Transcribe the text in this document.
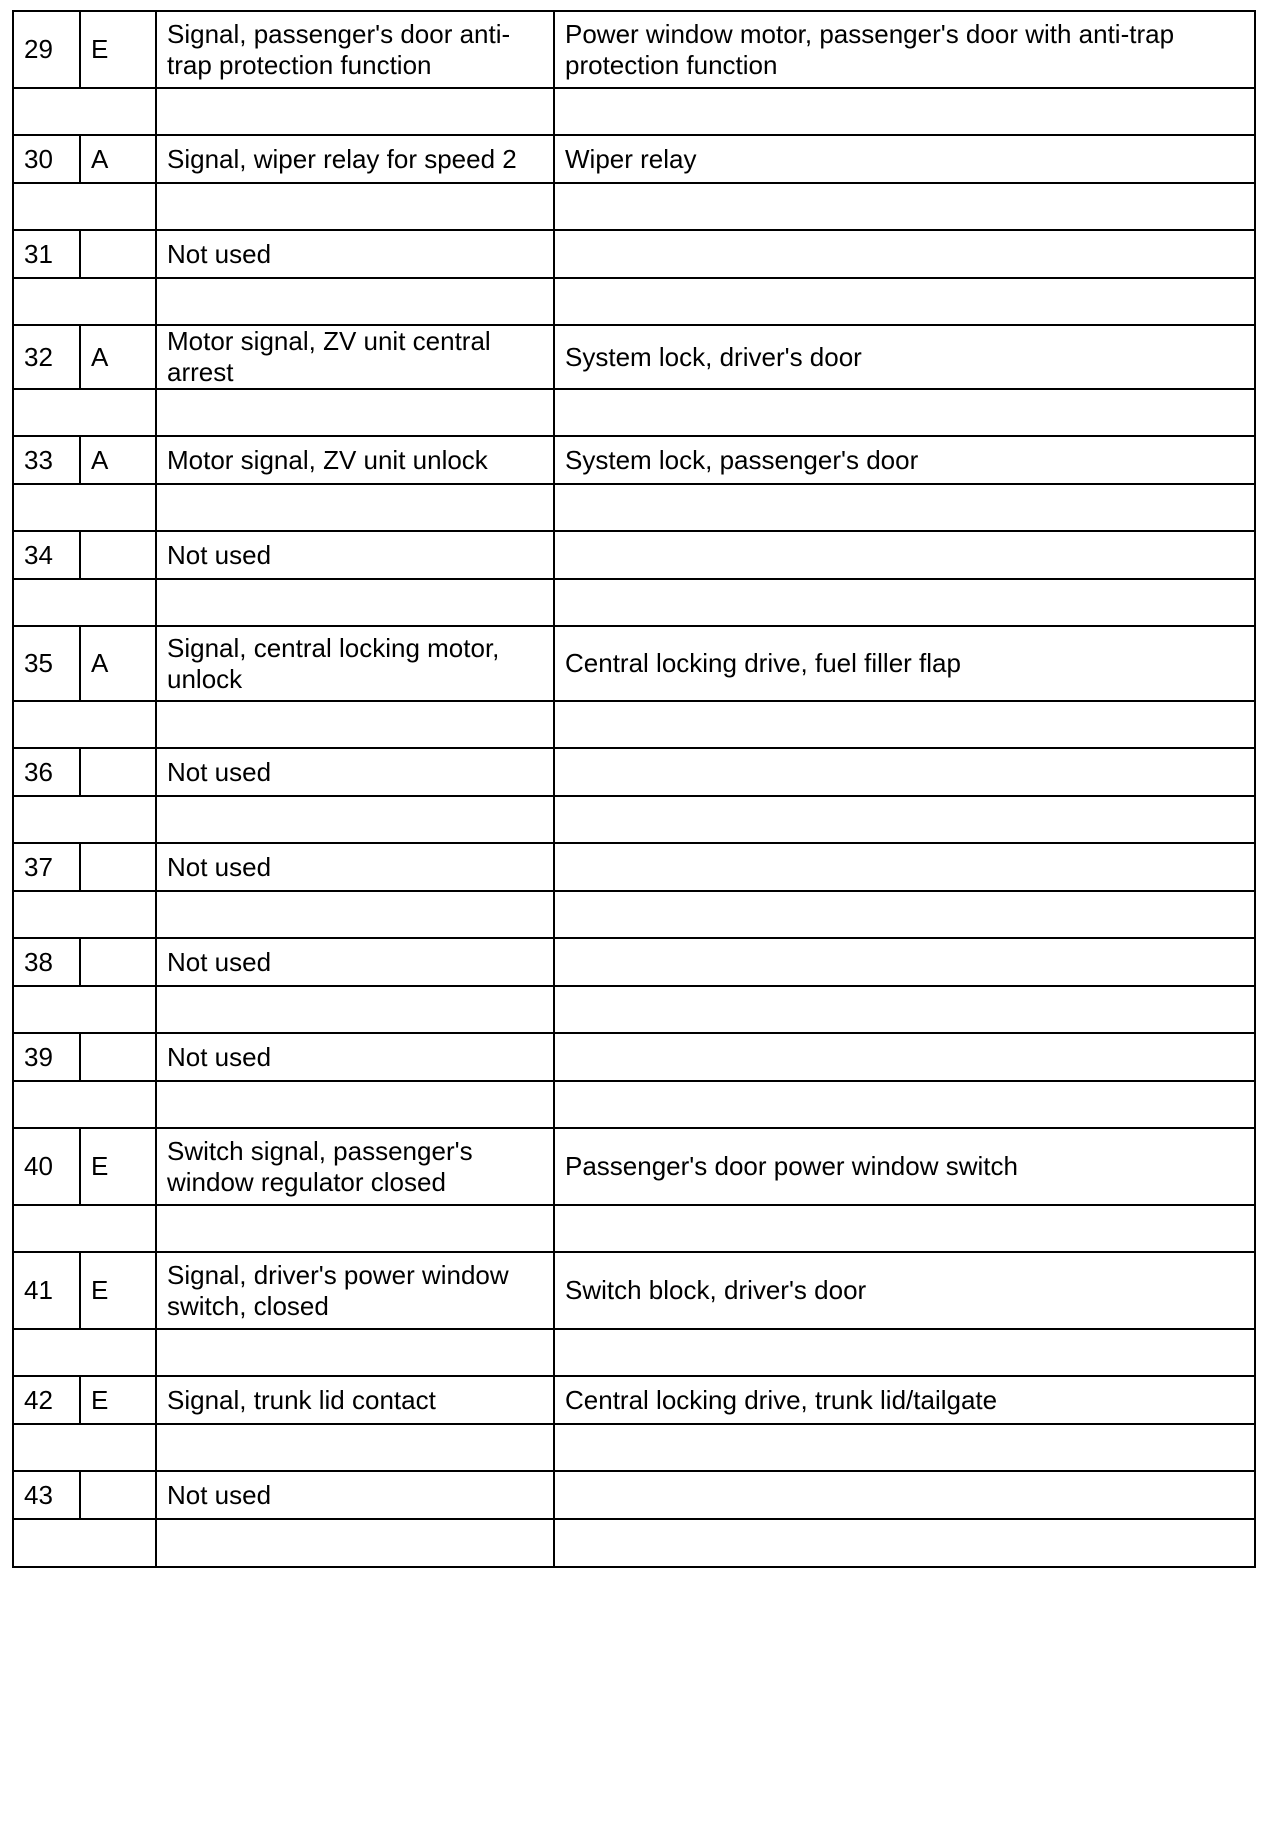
29	E	Signal, passenger's door anti-trap protection function	Power window motor, passenger's door with anti-trap protection function

30	A	Signal, wiper relay for speed 2	Wiper relay

31		Not used	

32	A	Motor signal, ZV unit central arrest	System lock, driver's door

33	A	Motor signal, ZV unit unlock	System lock, passenger's door

34		Not used	

35	A	Signal, central locking motor, unlock	Central locking drive, fuel filler flap

36		Not used	

37		Not used	

38		Not used	

39		Not used	

40	E	Switch signal, passenger's window regulator closed	Passenger's door power window switch

41	E	Signal, driver's power window switch, closed	Switch block, driver's door

42	E	Signal, trunk lid contact	Central locking drive, trunk lid/tailgate

43		Not used	
